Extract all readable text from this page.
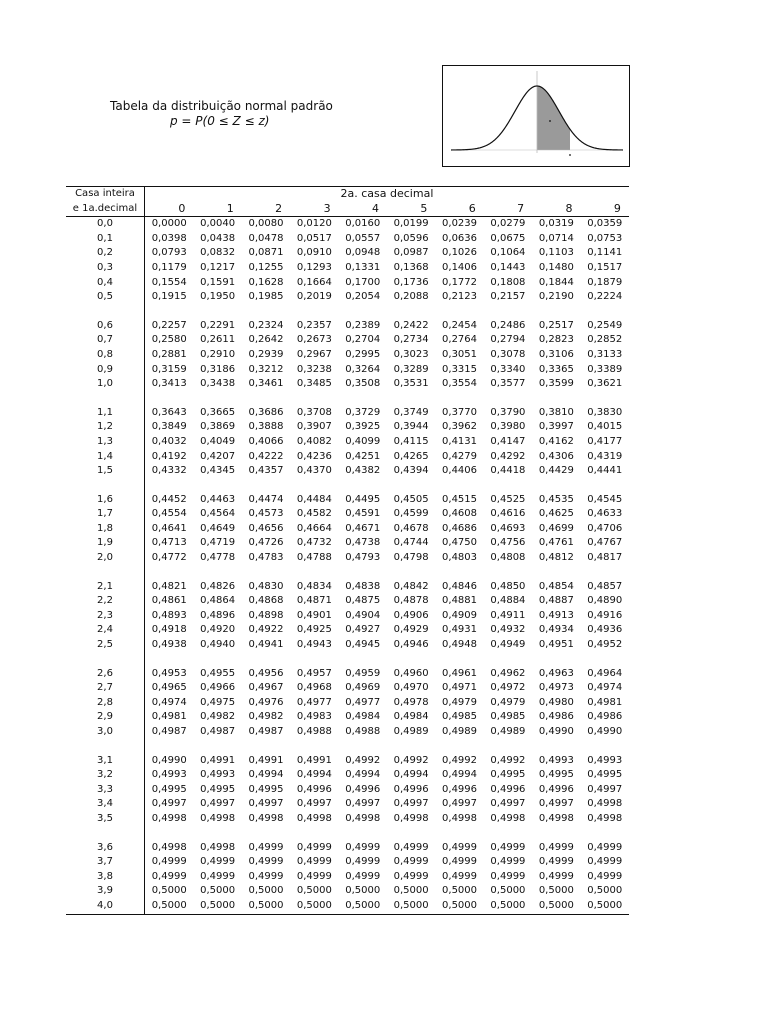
Tabela da distribuição normal padrão
p = P(0 ≤ Z ≤ z)
Casa inteira	2a. casa decimal									
e 1a.decimal	0	1	2	3	4	5	6	7	8	9
0,0	0,0000	0,0040	0,0080	0,0120	0,0160	0,0199	0,0239	0,0279	0,0319	0,0359
0,1	0,0398	0,0438	0,0478	0,0517	0,0557	0,0596	0,0636	0,0675	0,0714	0,0753
0,2	0,0793	0,0832	0,0871	0,0910	0,0948	0,0987	0,1026	0,1064	0,1103	0,1141
0,3	0,1179	0,1217	0,1255	0,1293	0,1331	0,1368	0,1406	0,1443	0,1480	0,1517
0,4	0,1554	0,1591	0,1628	0,1664	0,1700	0,1736	0,1772	0,1808	0,1844	0,1879
0,5	0,1915	0,1950	0,1985	0,2019	0,2054	0,2088	0,2123	0,2157	0,2190	0,2224

0,6	0,2257	0,2291	0,2324	0,2357	0,2389	0,2422	0,2454	0,2486	0,2517	0,2549
0,7	0,2580	0,2611	0,2642	0,2673	0,2704	0,2734	0,2764	0,2794	0,2823	0,2852
0,8	0,2881	0,2910	0,2939	0,2967	0,2995	0,3023	0,3051	0,3078	0,3106	0,3133
0,9	0,3159	0,3186	0,3212	0,3238	0,3264	0,3289	0,3315	0,3340	0,3365	0,3389
1,0	0,3413	0,3438	0,3461	0,3485	0,3508	0,3531	0,3554	0,3577	0,3599	0,3621

1,1	0,3643	0,3665	0,3686	0,3708	0,3729	0,3749	0,3770	0,3790	0,3810	0,3830
1,2	0,3849	0,3869	0,3888	0,3907	0,3925	0,3944	0,3962	0,3980	0,3997	0,4015
1,3	0,4032	0,4049	0,4066	0,4082	0,4099	0,4115	0,4131	0,4147	0,4162	0,4177
1,4	0,4192	0,4207	0,4222	0,4236	0,4251	0,4265	0,4279	0,4292	0,4306	0,4319
1,5	0,4332	0,4345	0,4357	0,4370	0,4382	0,4394	0,4406	0,4418	0,4429	0,4441

1,6	0,4452	0,4463	0,4474	0,4484	0,4495	0,4505	0,4515	0,4525	0,4535	0,4545
1,7	0,4554	0,4564	0,4573	0,4582	0,4591	0,4599	0,4608	0,4616	0,4625	0,4633
1,8	0,4641	0,4649	0,4656	0,4664	0,4671	0,4678	0,4686	0,4693	0,4699	0,4706
1,9	0,4713	0,4719	0,4726	0,4732	0,4738	0,4744	0,4750	0,4756	0,4761	0,4767
2,0	0,4772	0,4778	0,4783	0,4788	0,4793	0,4798	0,4803	0,4808	0,4812	0,4817

2,1	0,4821	0,4826	0,4830	0,4834	0,4838	0,4842	0,4846	0,4850	0,4854	0,4857
2,2	0,4861	0,4864	0,4868	0,4871	0,4875	0,4878	0,4881	0,4884	0,4887	0,4890
2,3	0,4893	0,4896	0,4898	0,4901	0,4904	0,4906	0,4909	0,4911	0,4913	0,4916
2,4	0,4918	0,4920	0,4922	0,4925	0,4927	0,4929	0,4931	0,4932	0,4934	0,4936
2,5	0,4938	0,4940	0,4941	0,4943	0,4945	0,4946	0,4948	0,4949	0,4951	0,4952

2,6	0,4953	0,4955	0,4956	0,4957	0,4959	0,4960	0,4961	0,4962	0,4963	0,4964
2,7	0,4965	0,4966	0,4967	0,4968	0,4969	0,4970	0,4971	0,4972	0,4973	0,4974
2,8	0,4974	0,4975	0,4976	0,4977	0,4977	0,4978	0,4979	0,4979	0,4980	0,4981
2,9	0,4981	0,4982	0,4982	0,4983	0,4984	0,4984	0,4985	0,4985	0,4986	0,4986
3,0	0,4987	0,4987	0,4987	0,4988	0,4988	0,4989	0,4989	0,4989	0,4990	0,4990

3,1	0,4990	0,4991	0,4991	0,4991	0,4992	0,4992	0,4992	0,4992	0,4993	0,4993
3,2	0,4993	0,4993	0,4994	0,4994	0,4994	0,4994	0,4994	0,4995	0,4995	0,4995
3,3	0,4995	0,4995	0,4995	0,4996	0,4996	0,4996	0,4996	0,4996	0,4996	0,4997
3,4	0,4997	0,4997	0,4997	0,4997	0,4997	0,4997	0,4997	0,4997	0,4997	0,4998
3,5	0,4998	0,4998	0,4998	0,4998	0,4998	0,4998	0,4998	0,4998	0,4998	0,4998

3,6	0,4998	0,4998	0,4999	0,4999	0,4999	0,4999	0,4999	0,4999	0,4999	0,4999
3,7	0,4999	0,4999	0,4999	0,4999	0,4999	0,4999	0,4999	0,4999	0,4999	0,4999
3,8	0,4999	0,4999	0,4999	0,4999	0,4999	0,4999	0,4999	0,4999	0,4999	0,4999
3,9	0,5000	0,5000	0,5000	0,5000	0,5000	0,5000	0,5000	0,5000	0,5000	0,5000
4,0	0,5000	0,5000	0,5000	0,5000	0,5000	0,5000	0,5000	0,5000	0,5000	0,5000
